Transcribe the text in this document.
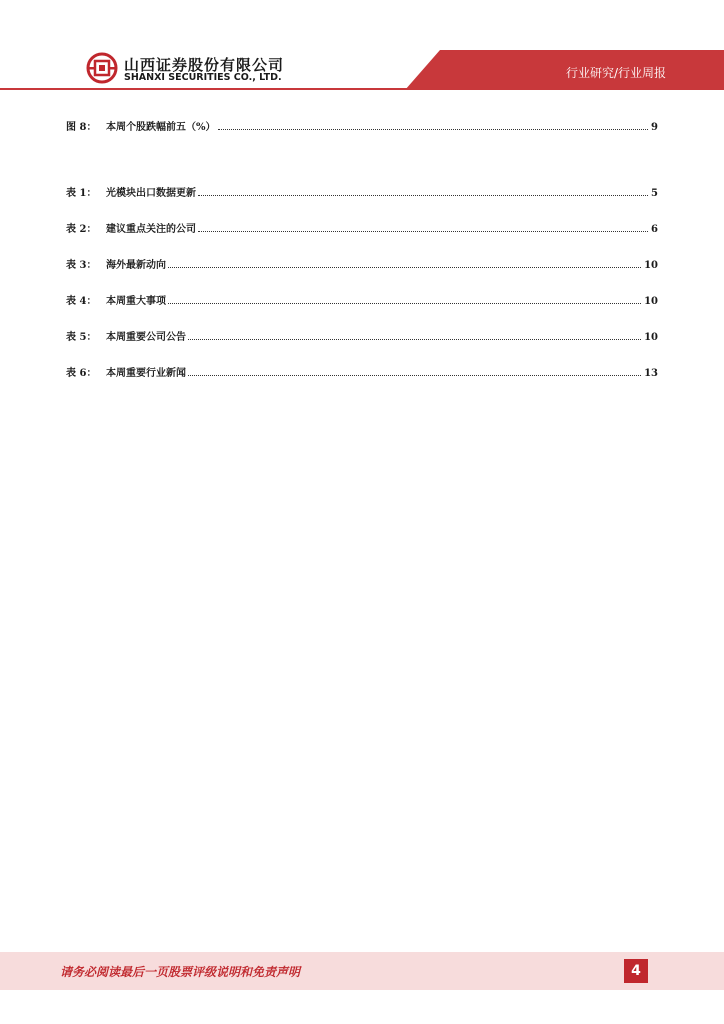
山西证券股份有限公司
SHANXI SECURITIES CO., LTD.	行业研究/行业周报
图 8： 本周个股跌幅前五（%）	9
表 1： 光模块出口数据更新	5
表 2： 建议重点关注的公司	6
表 3： 海外最新动向	10
表 4： 本周重大事项	10
表 5： 本周重要公司公告	10
表 6： 本周重要行业新闻	13
请务必阅读最后一页股票评级说明和免责声明	4
